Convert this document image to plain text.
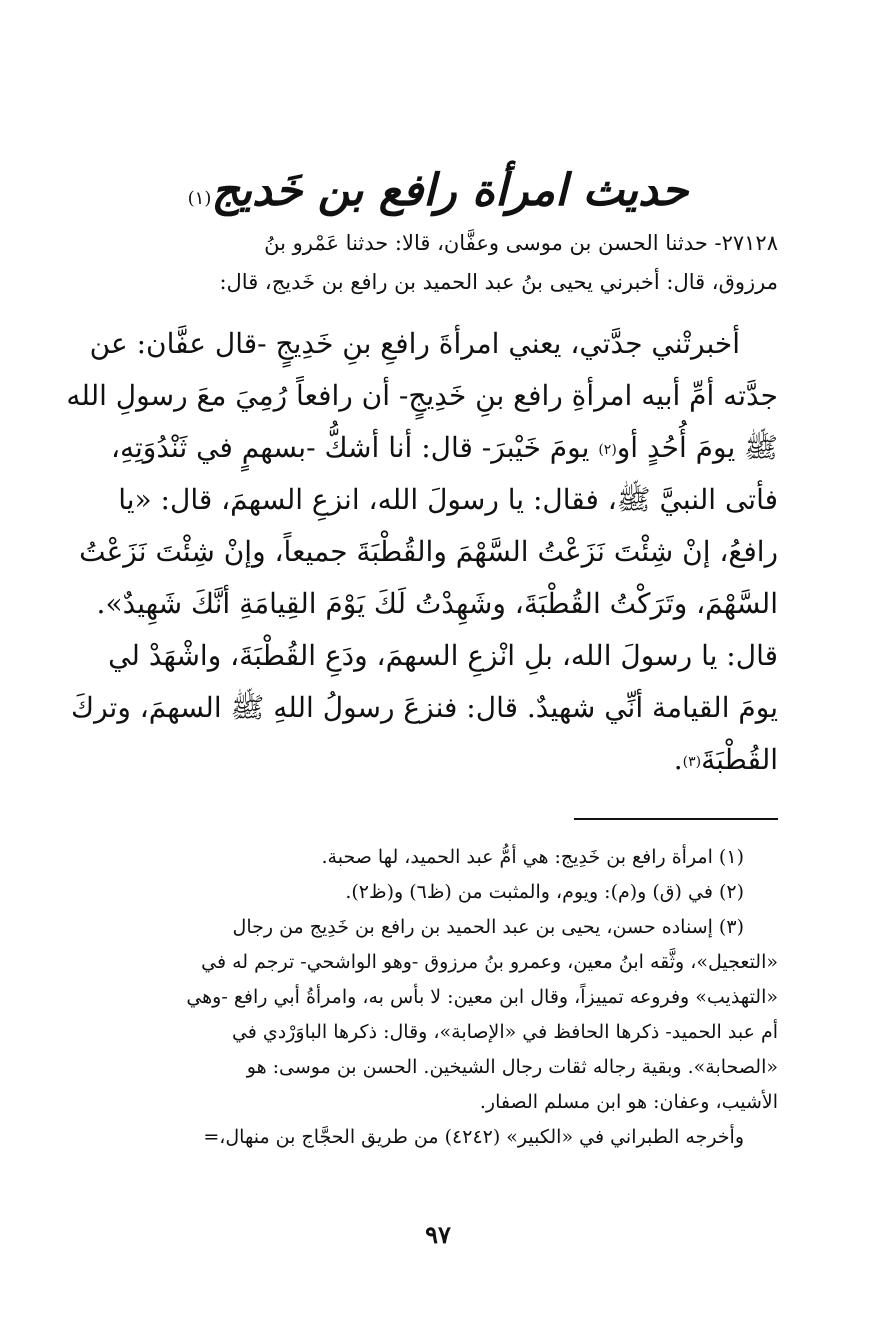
حديث امرأة رافع بن خَديج$^{(١)}$
٢٧١٢٨- حدثنا الحسن بن موسى وعفَّان، قالا: حدثنا عَمْرو بنُ
مرزوق، قال: أخبرني يحيى بنُ عبد الحميد بن رافع بن خَديج، قال:
أخبرتْني جدَّتي، يعني امرأةَ رافعِ بنِ خَدِيجٍ -قال عفَّان: عن
جدَّته أمِّ أبيه امرأةِ رافع بنِ خَدِيجٍ- أن رافعاً رُمِيَ معَ رسولِ الله
ﷺ يومَ أُحُدٍ أو$^{(٢)}$ يومَ خَيْبرَ- قال: أنا أشكُّ -بسهمٍ في ثَنْدُوَتِهِ،
فأتى النبيَّ ﷺ، فقال: يا رسولَ الله، انزعِ السهمَ، قال: «يا
رافعُ، إنْ شِئْتَ نَزَعْتُ السَّهْمَ والقُطْبَةَ جميعاً، وإنْ شِئْتَ نَزَعْتُ
السَّهْمَ، وتَرَكْتُ القُطْبَةَ، وشَهِدْتُ لَكَ يَوْمَ القِيامَةِ أنَّكَ شَهِيدٌ».
قال: يا رسولَ الله، بلِ انْزعِ السهمَ، ودَعِ القُطْبَةَ، واشْهَدْ لي
يومَ القيامة أنِّي شهيدٌ. قال: فنزعَ رسولُ اللهِ ﷺ السهمَ، وتركَ
القُطْبَةَ$^{(٣)}$.

(١) امرأة رافع بن خَدِيج: هي أمُّ عبد الحميد، لها صحبة.

(٢) في (ق) و(م): ويوم، والمثبت من (ظ٦) و(ظ٢).

(٣) إسناده حسن، يحيى بن عبد الحميد بن رافع بن خَدِيج من رجال
«التعجيل»، وثَّقه ابنُ معين، وعمرو بنُ مرزوق -وهو الواشحي- ترجم له في
«التهذيب» وفروعه تمييزاً، وقال ابن معين: لا بأس به، وامرأةُ أبي رافع -وهي
أم عبد الحميد- ذكرها الحافظ في «الإصابة»، وقال: ذكرها الباوَرْدي في
«الصحابة». وبقية رجاله ثقات رجال الشيخين. الحسن بن موسى: هو
الأشيب، وعفان: هو ابن مسلم الصفار.

وأخرجه الطبراني في «الكبير» (٤٢٤٢) من طريق الحجَّاج بن منهال،=

٩٧
